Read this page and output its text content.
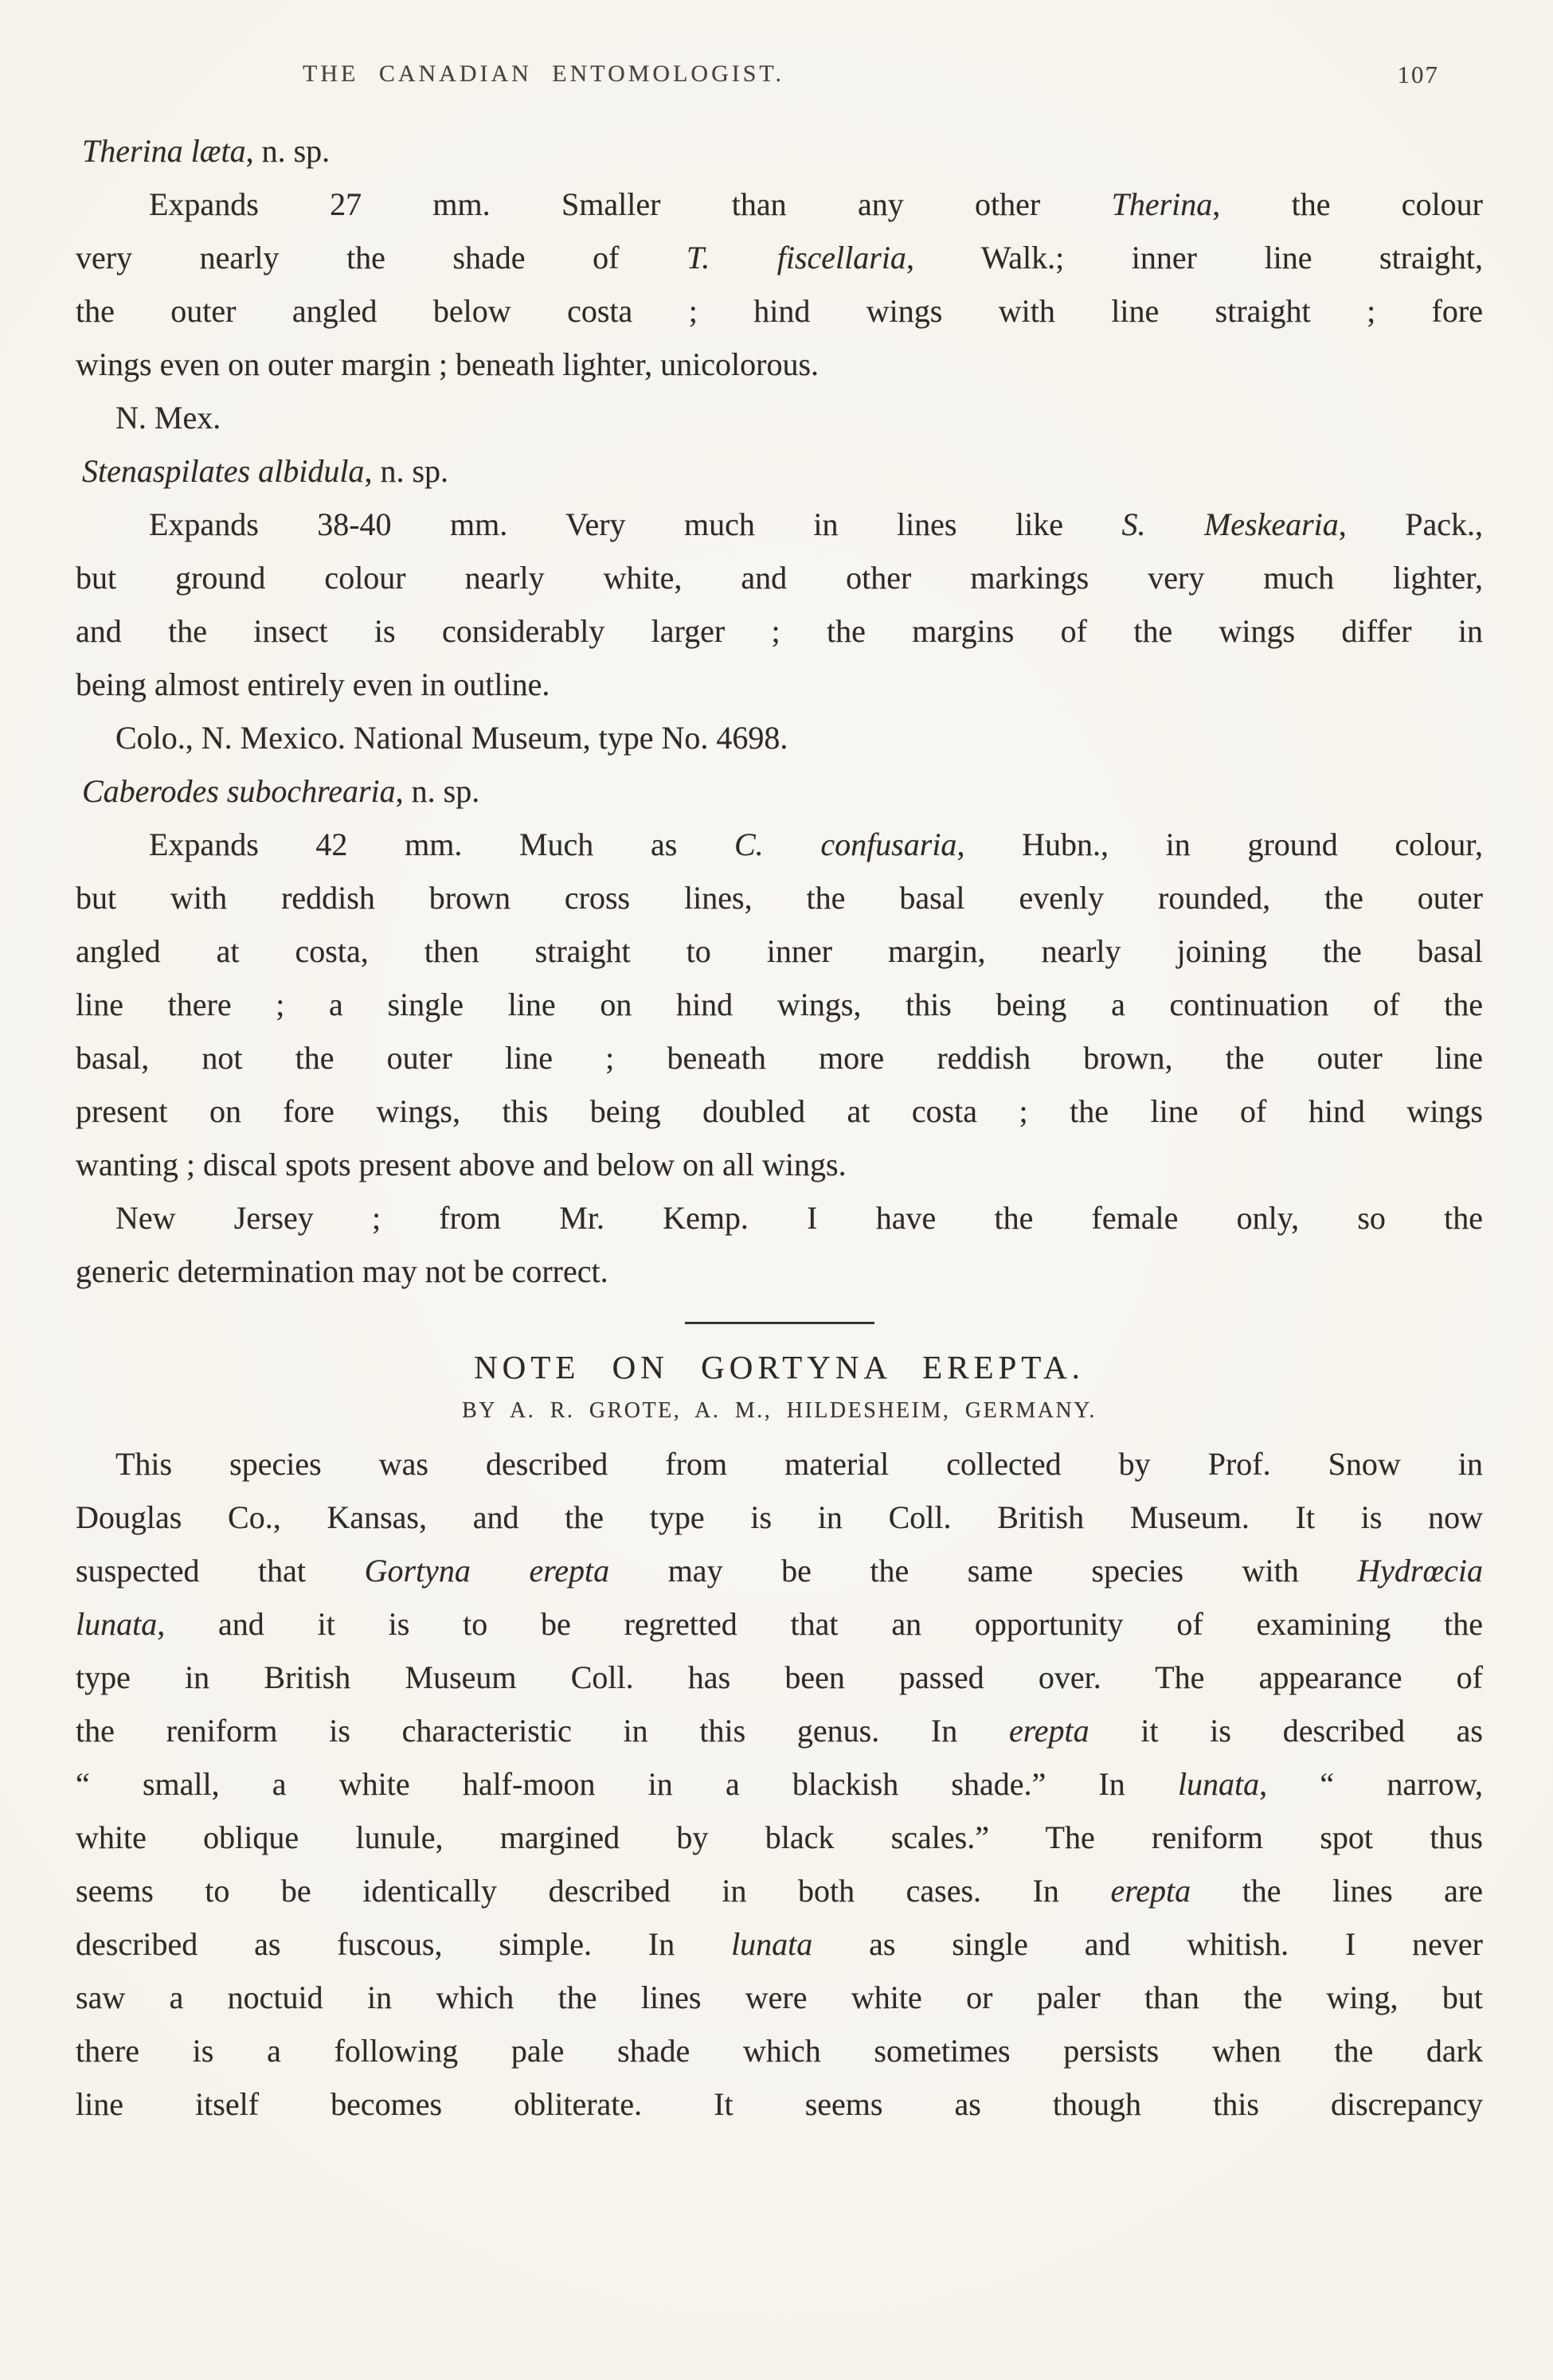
THE CANADIAN ENTOMOLOGIST.	107
Therina læta, n. sp.
Expands 27 mm. Smaller than any other Therina, the colour
very nearly the shade of T. fiscellaria, Walk.; inner line straight,
the outer angled below costa ; hind wings with line straight ; fore
wings even on outer margin ; beneath lighter, unicolorous.
N. Mex.
Stenaspilates albidula, n. sp.
Expands 38-40 mm. Very much in lines like S. Meskearia, Pack.,
but ground colour nearly white, and other markings very much lighter,
and the insect is considerably larger ; the margins of the wings differ in
being almost entirely even in outline.
Colo., N. Mexico. National Museum, type No. 4698.
Caberodes subochrearia, n. sp.
Expands 42 mm. Much as C. confusaria, Hubn., in ground colour,
but with reddish brown cross lines, the basal evenly rounded, the outer
angled at costa, then straight to inner margin, nearly joining the basal
line there ; a single line on hind wings, this being a continuation of the
basal, not the outer line ; beneath more reddish brown, the outer line
present on fore wings, this being doubled at costa ; the line of hind wings
wanting ; discal spots present above and below on all wings.
New Jersey ; from Mr. Kemp. I have the female only, so the
generic determination may not be correct.
NOTE ON GORTYNA EREPTA.
BY A. R. GROTE, A. M., HILDESHEIM, GERMANY.
This species was described from material collected by Prof. Snow in
Douglas Co., Kansas, and the type is in Coll. British Museum. It is now
suspected that Gortyna erepta may be the same species with Hydrœcia
lunata, and it is to be regretted that an opportunity of examining the
type in British Museum Coll. has been passed over. The appearance of
the reniform is characteristic in this genus. In erepta it is described as
“ small, a white half-moon in a blackish shade.” In lunata, “ narrow,
white oblique lunule, margined by black scales.” The reniform spot thus
seems to be identically described in both cases. In erepta the lines are
described as fuscous, simple. In lunata as single and whitish. I never
saw a noctuid in which the lines were white or paler than the wing, but
there is a following pale shade which sometimes persists when the dark
line itself becomes obliterate. It seems as though this discrepancy
